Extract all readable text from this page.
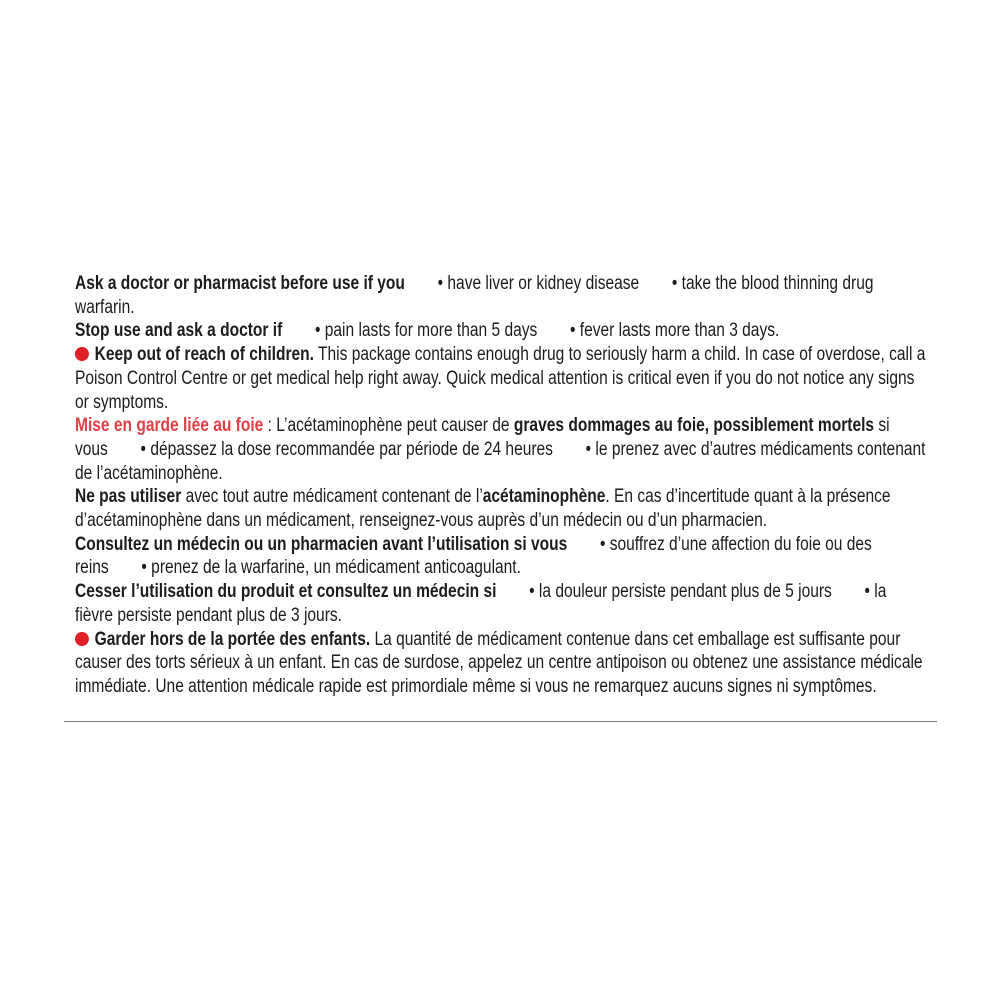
Ask a doctor or pharmacist before use if you • have liver or kidney disease • take the blood thinning drug warfarin.

Stop use and ask a doctor if • pain lasts for more than 5 days • fever lasts more than 3 days.

Keep out of reach of children. This package contains enough drug to seriously harm a child. In case of overdose, call a Poison Control Centre or get medical help right away. Quick medical attention is critical even if you do not notice any signs or symptoms.

Mise en garde liée au foie : L’acétaminophène peut causer de graves dommages au foie, possiblement mortels si vous • dépassez la dose recommandée par période de 24 heures • le prenez avec d’autres médicaments contenant de l’acétaminophène.

Ne pas utiliser avec tout autre médicament contenant de l’acétaminophène. En cas d’incertitude quant à la présence d’acétaminophène dans un médicament, renseignez-vous auprès d’un médecin ou d’un pharmacien.

Consultez un médecin ou un pharmacien avant l’utilisation si vous • souffrez d’une affection du foie ou des reins • prenez de la warfarine, un médicament anticoagulant.

Cesser l’utilisation du produit et consultez un médecin si • la douleur persiste pendant plus de 5 jours • la fièvre persiste pendant plus de 3 jours.

Garder hors de la portée des enfants. La quantité de médicament contenue dans cet emballage est suffisante pour causer des torts sérieux à un enfant. En cas de surdose, appelez un centre antipoison ou obtenez une assistance médicale immédiate. Une attention médicale rapide est primordiale même si vous ne remarquez aucuns signes ni symptômes.
